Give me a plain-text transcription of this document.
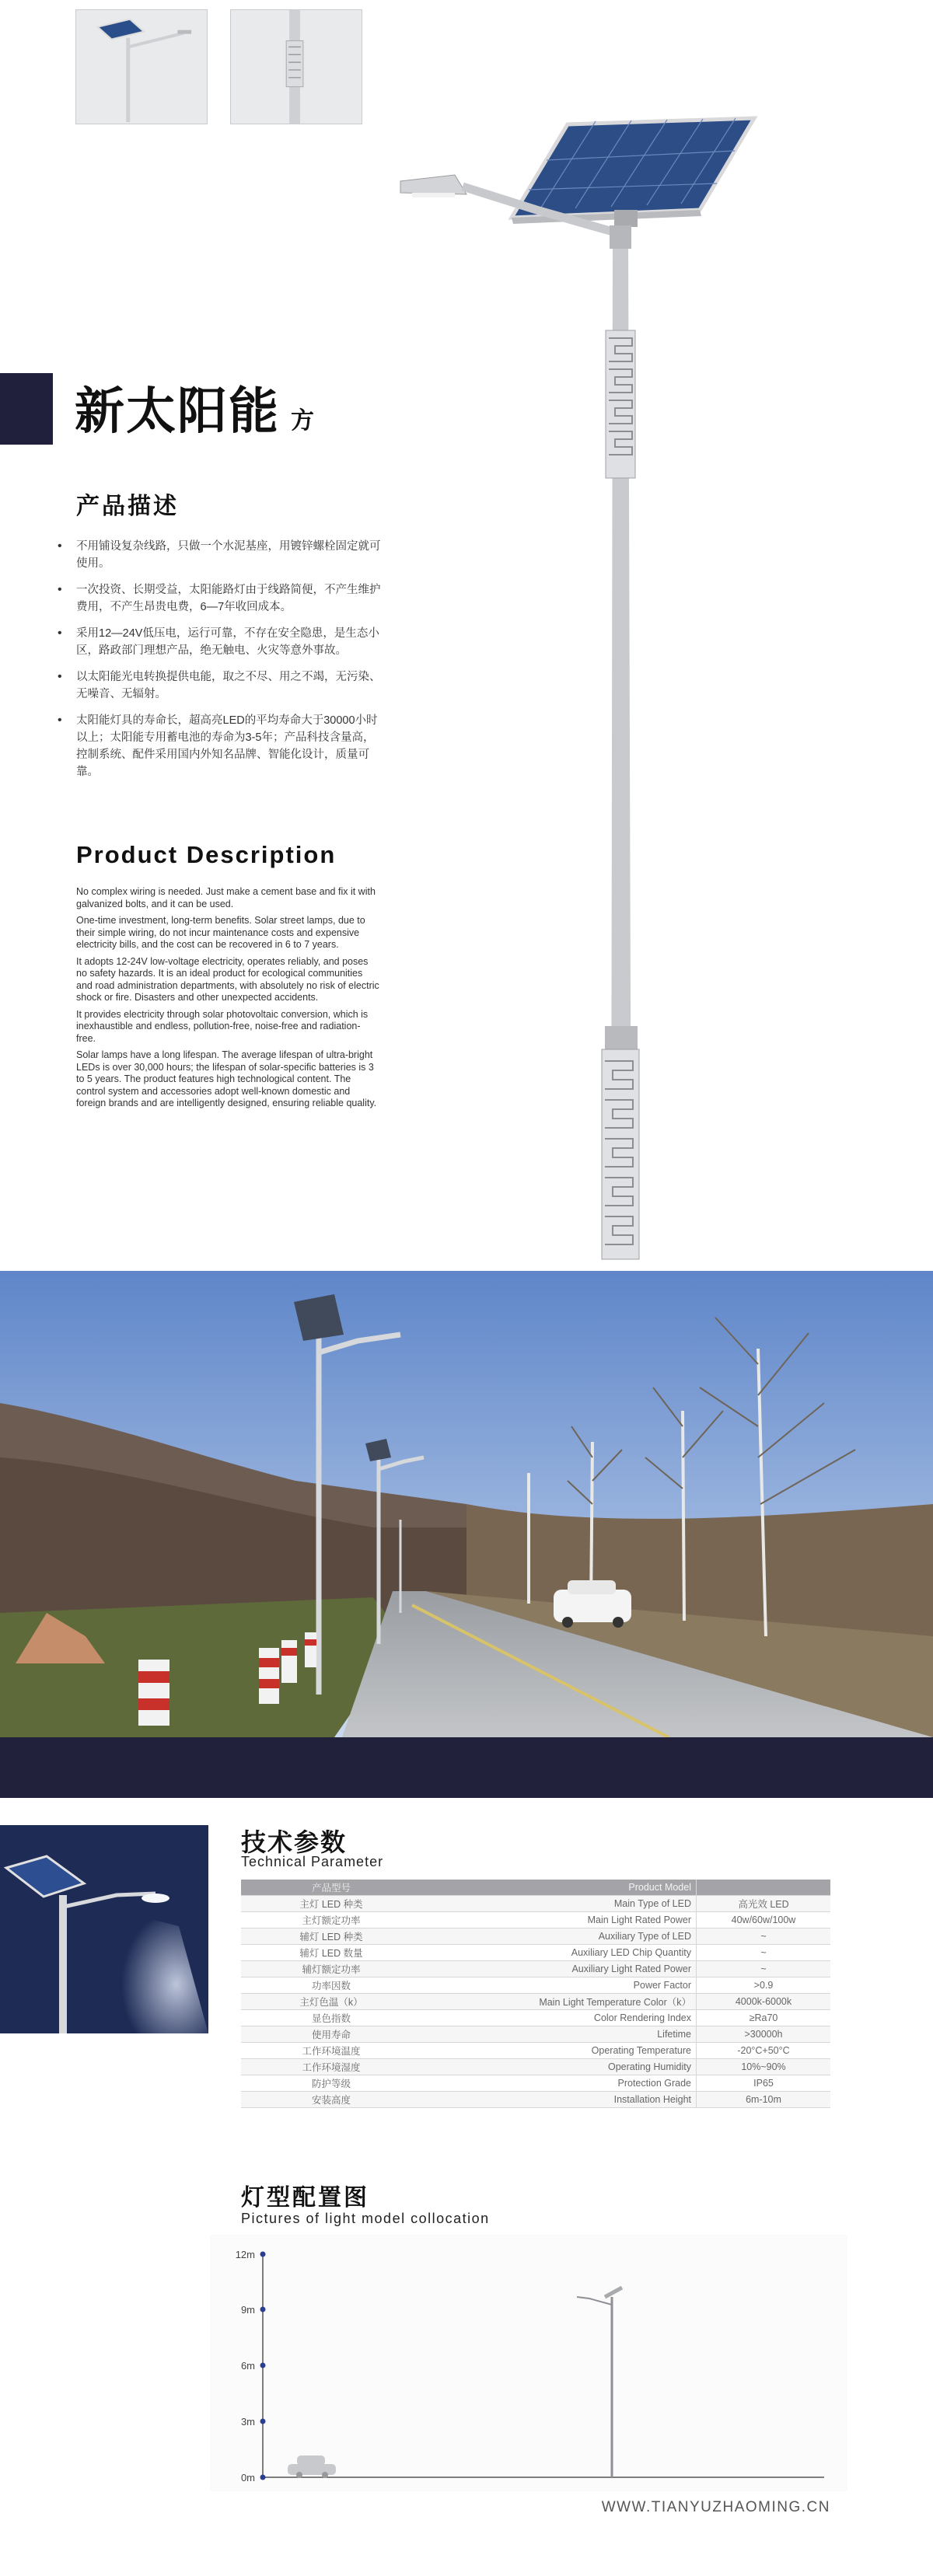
新太阳能 方
产品描述
• 不用铺设复杂线路，只做一个水泥基座，用镀锌螺栓固定就可使用。
• 一次投资、长期受益，太阳能路灯由于线路简便，不产生维护费用，不产生昂贵电费，6—7年收回成本。
• 采用12—24V低压电，运行可靠，不存在安全隐患，是生态小区，路政部门理想产品，绝无触电、火灾等意外事故。
• 以太阳能光电转换提供电能，取之不尽、用之不竭，无污染、无噪音、无辐射。
• 太阳能灯具的寿命长，超高亮LED的平均寿命大于30000小时以上；太阳能专用蓄电池的寿命为3-5年；产品科技含量高，控制系统、配件采用国内外知名品牌、智能化设计，质量可靠。
Product Description

No complex wiring is needed. Just make a cement base and fix it with galvanized bolts, and it can be used.

One-time investment, long-term benefits. Solar street lamps, due to their simple wiring, do not incur maintenance costs and expensive electricity bills, and the cost can be recovered in 6 to 7 years.

It adopts 12-24V low-voltage electricity, operates reliably, and poses no safety hazards. It is an ideal product for ecological communities and road administration departments, with absolutely no risk of electric shock or fire. Disasters and other unexpected accidents.

It provides electricity through solar photovoltaic conversion, which is inexhaustible and endless, pollution-free, noise-free and radiation-free.

Solar lamps have a long lifespan. The average lifespan of ultra-bright LEDs is over 30,000 hours; the lifespan of solar-specific batteries is 3 to 5 years. The product features high technological content. The control system and accessories adopt well-known domestic and foreign brands and are intelligently designed, ensuring reliable quality.

技术参数
Technical Parameter
产品型号	Product Model	
主灯 LED 种类	Main Type of LED	高光效 LED
主灯额定功率	Main Light Rated Power	40w/60w/100w
辅灯 LED 种类	Auxiliary Type of LED	~
辅灯 LED 数量	Auxiliary LED Chip Quantity	~
辅灯额定功率	Auxiliary Light Rated Power	~
功率因数	Power Factor	>0.9
主灯色温（k）	Main Light Temperature Color（k）	4000k-6000k
显色指数	Color Rendering Index	≥Ra70
使用寿命	Lifetime	>30000h
工作环境温度	Operating Temperature	-20°C+50°C
工作环境湿度	Operating Humidity	10%~90%
防护等级	Protection Grade	IP65
安装高度	Installation Height	6m-10m
灯型配置图
Pictures of light model collocation
12m
9m
6m
3m
0m
WWW.TIANYUZHAOMING.CN
